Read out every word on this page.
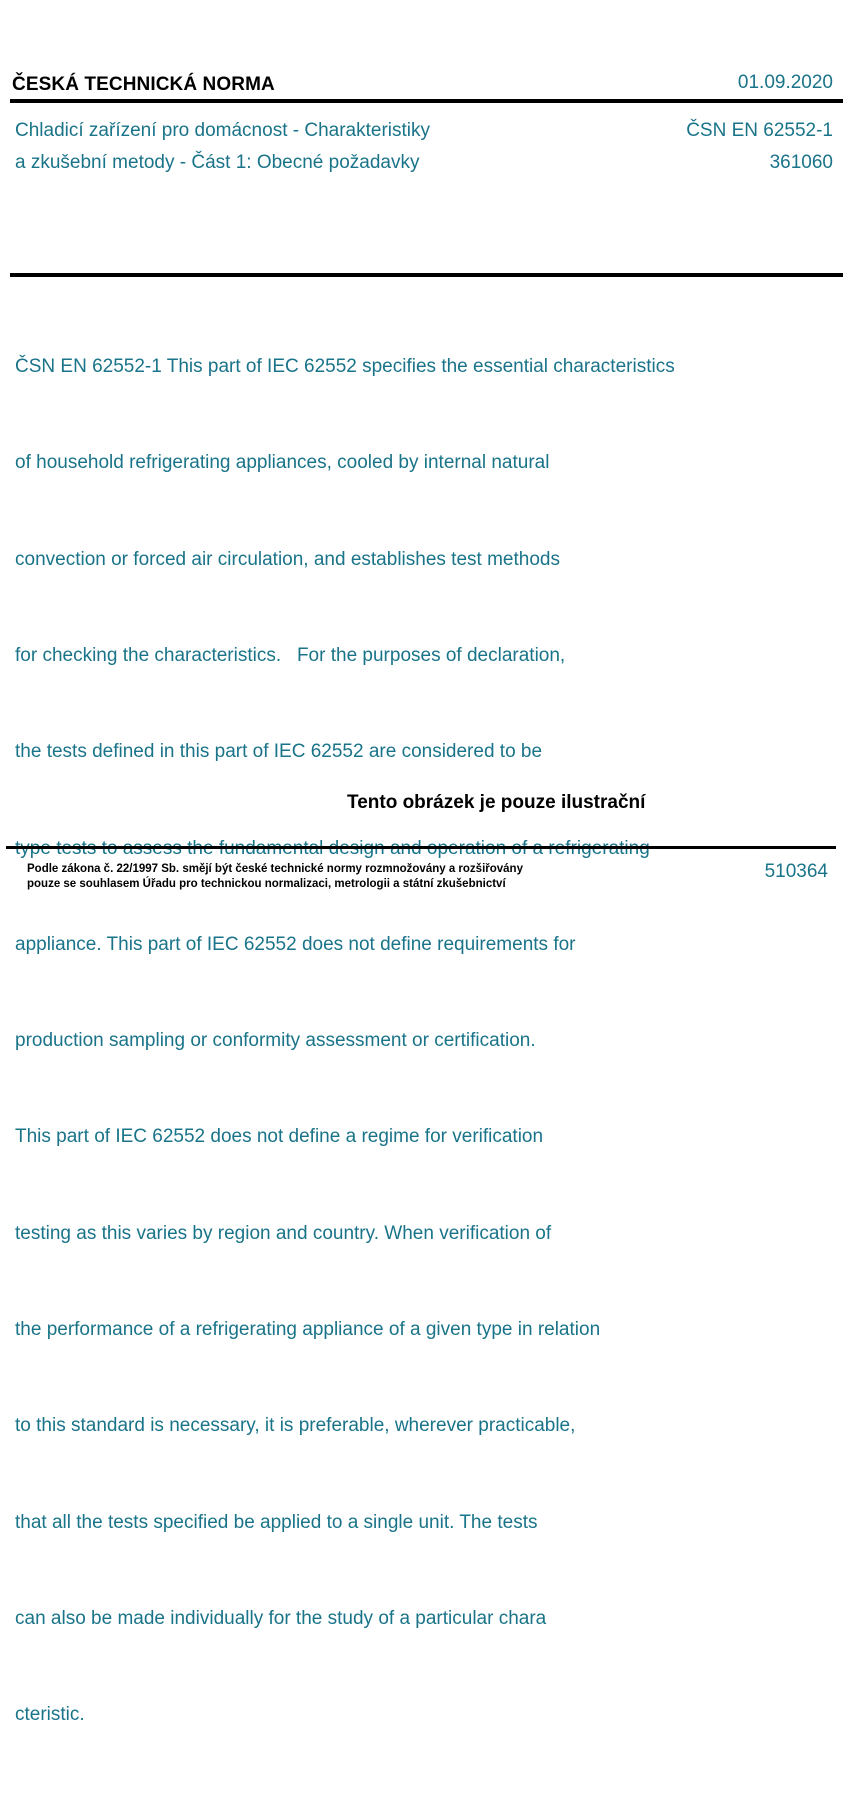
ČESKÁ TECHNICKÁ NORMA	01.09.2020
Chladicí zařízení pro domácnost - Charakteristiky
a zkušební metody - Část 1: Obecné požadavky
ČSN EN 62552-1
361060

ČSN EN 62552-1 This part of IEC 62552 specifies the essential characteristics

of household refrigerating appliances, cooled by internal natural

convection or forced air circulation, and establishes test methods

for checking the characteristics.   For the purposes of declaration,

the tests defined in this part of IEC 62552 are considered to be

appliance. This part of IEC 62552 does not define requirements for

production sampling or conformity assessment or certification.

This part of IEC 62552 does not define a regime for verification

testing as this varies by region and country. When verification of

the performance of a refrigerating appliance of a given type in relation

to this standard is necessary, it is preferable, wherever practicable,

that all the tests specified be applied to a single unit. The tests

can also be made individually for the study of a particular chara

cteristic.

Tento obrázek je pouze ilustrační
Podle zákona č. 22/1997 Sb. smějí být české technické normy rozmnožovány a rozšiřovány
pouze se souhlasem Úřadu pro technickou normalizaci, metrologii a státní zkušebnictví
510364
